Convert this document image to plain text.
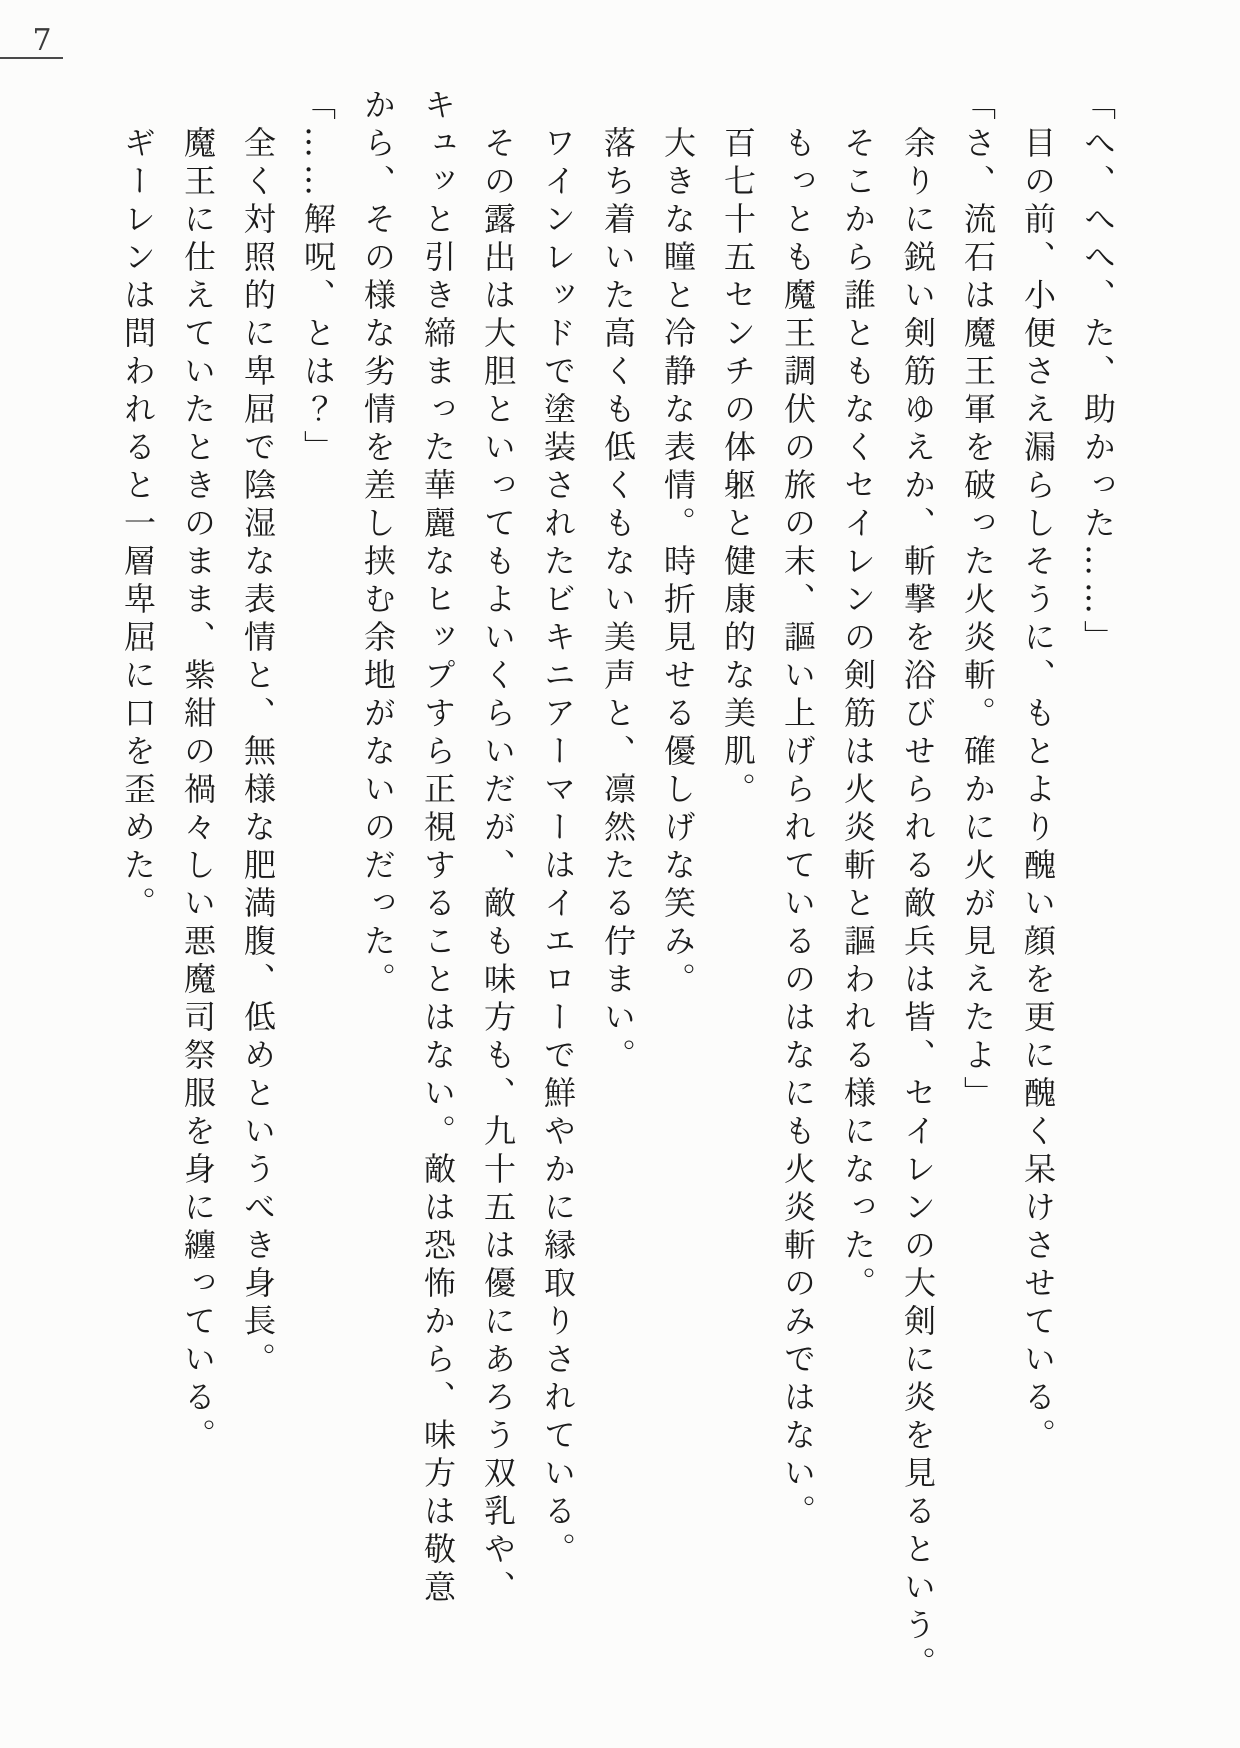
7

「へ、へへ、た、助かった……」

目の前、小便さえ漏らしそうに、もとより醜い顔を更に醜く呆けさせている。

「さ、流石は魔王軍を破った火炎斬。確かに火が見えたよ」

余りに鋭い剣筋ゆえか、斬撃を浴びせられる敵兵は皆、セイレンの大剣に炎を見るという。

そこから誰ともなくセイレンの剣筋は火炎斬と謳われる様になった。

もっとも魔王調伏の旅の末、謳い上げられているのはなにも火炎斬のみではない。

百七十五センチの体躯と健康的な美肌。

大きな瞳と冷静な表情。時折見せる優しげな笑み。

落ち着いた高くも低くもない美声と、凛然たる佇まい。

ワインレッドで塗装されたビキニアーマーはイエローで鮮やかに縁取りされている。

その露出は大胆といってもよいくらいだが、敵も味方も、九十五は優にあろう双乳や、

キュッと引き締まった華麗なヒップすら正視することはない。敵は恐怖から、味方は敬意

から、その様な劣情を差し挟む余地がないのだった。

「……解呪、とは？」

全く対照的に卑屈で陰湿な表情と、無様な肥満腹、低めというべき身長。

魔王に仕えていたときのまま、紫紺の禍々しい悪魔司祭服を身に纏っている。

ギーレンは問われると一層卑屈に口を歪めた。
